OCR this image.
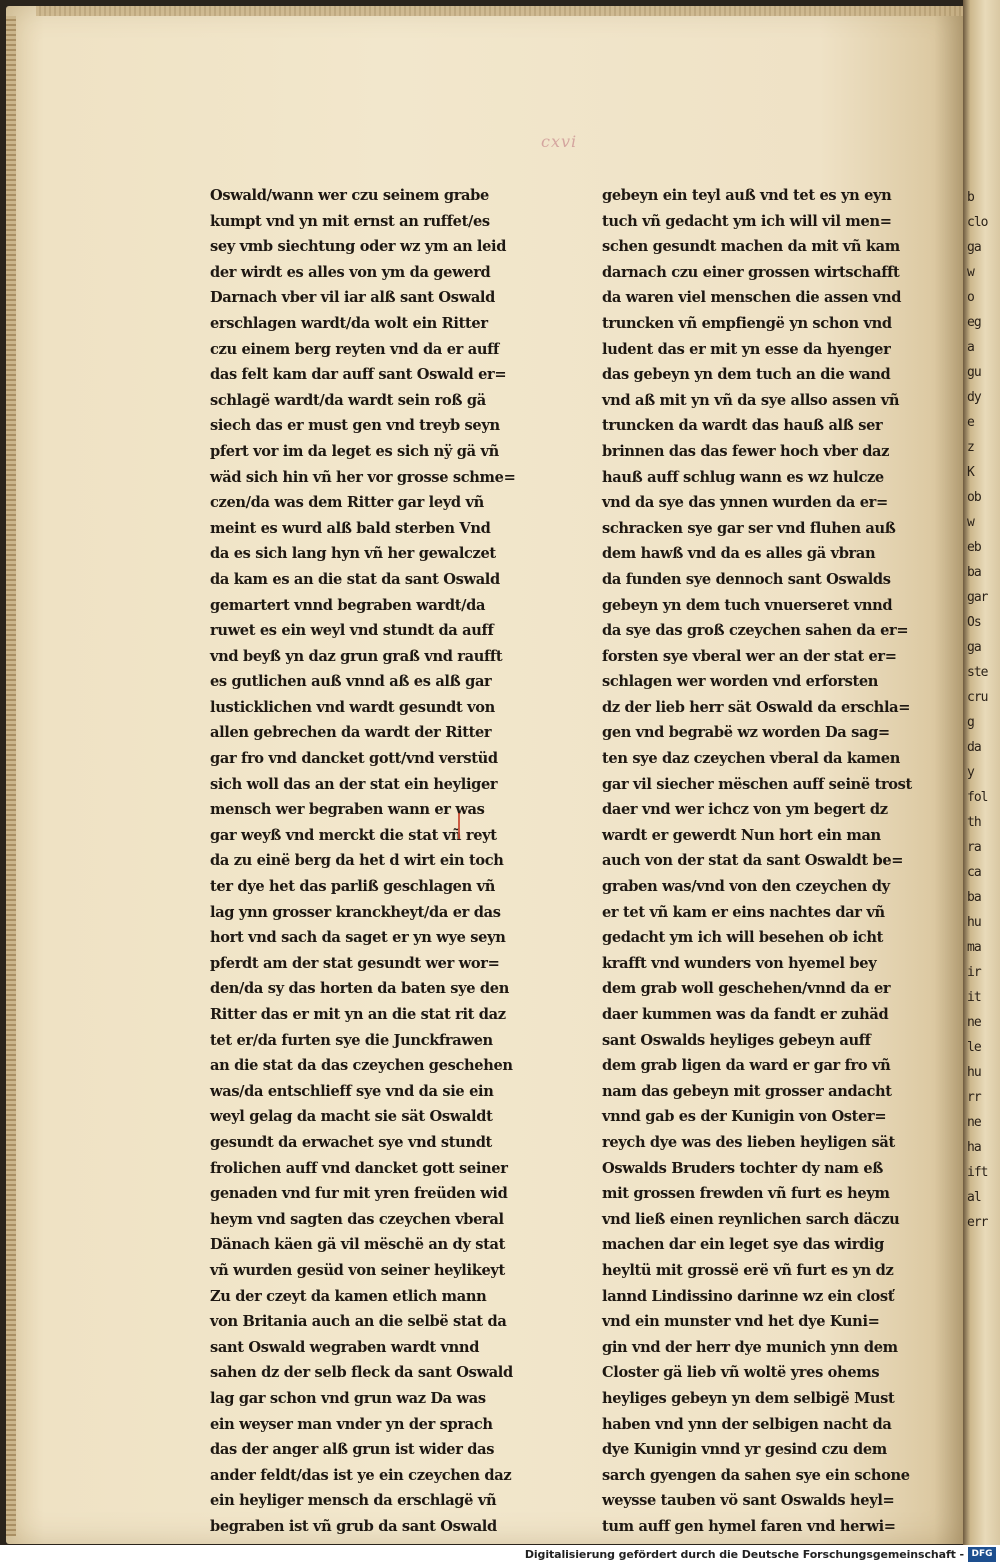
cxvi
Oswald/wann wer czu seinem grabe
kumpt vnd yn mit ernst an ruffet/es
sey vmb siechtung oder wz ym an leid
der wirdt es alles von ym da gewerd
Darnach vber vil iar alß sant Oswald
erschlagen wardt/da wolt ein Ritter
czu einem berg reyten vnd da er auff
das felt kam dar auff sant Oswald er=
schlagë wardt/da wardt sein roß gä
siech das er must gen vnd treyb seyn
pfert vor im da leget es sich nÿ gä vñ
wäd sich hin vñ her vor grosse schme=
czen/da was dem Ritter gar leyd vñ
meint es wurd alß bald sterben Vnd
da es sich lang hyn vñ her gewalczet
da kam es an die stat da sant Oswald
gemartert vnnd begraben wardt/da
ruwet es ein weyl vnd stundt da auff
vnd beyß yn daz grun graß vnd raufft
es gutlichen auß vnnd aß es alß gar
lusticklichen vnd wardt gesundt von
allen gebrechen da wardt der Ritter
gar fro vnd dancket gott/vnd verstüd
sich woll das an der stat ein heyliger
mensch wer begraben wann er was
gar weyß vnd merckt die stat vñ reyt
da zu einë berg da het d wirt ein toch
ter dye het das parliß geschlagen vñ
lag ynn grosser kranckheyt/da er das
hort vnd sach da saget er yn wye seyn
pferdt am der stat gesundt wer wor=
den/da sy das horten da baten sye den
Ritter das er mit yn an die stat rit daz
tet er/da furten sye die Junckfrawen
an die stat da das czeychen geschehen
was/da entschlieff sye vnd da sie ein
weyl gelag da macht sie sät Oswaldt
gesundt da erwachet sye vnd stundt
frolichen auff vnd dancket gott seiner
genaden vnd fur mit yren freüden wid
heym vnd sagten das czeychen vberal
Dänach käen gä vil mëschë an dy stat
vñ wurden gesüd von seiner heylikeyt
Zu der czeyt da kamen etlich mann
von Britania auch an die selbë stat da
sant Oswald wegraben wardt vnnd
sahen dz der selb fleck da sant Oswald
lag gar schon vnd grun waz Da was
ein weyser man vnder yn der sprach
das der anger alß grun ist wider das
ander feldt/das ist ye ein czeychen daz
ein heyliger mensch da erschlagë vñ
begraben ist vñ grub da sant Oswald
gebeyn ein teyl auß vnd tet es yn eyn
tuch vñ gedacht ym ich will vil men=
schen gesundt machen da mit vñ kam
darnach czu einer grossen wirtschafft
da waren viel menschen die assen vnd
truncken vñ empfiengë yn schon vnd
ludent das er mit yn esse da hyenger
das gebeyn yn dem tuch an die wand
vnd aß mit yn vñ da sye allso assen vñ
truncken da wardt das hauß alß ser
brinnen das das fewer hoch vber daz
hauß auff schlug wann es wz hulcze
vnd da sye das ynnen wurden da er=
schracken sye gar ser vnd fluhen auß
dem hawß vnd da es alles gä vbran
da funden sye dennoch sant Oswalds
gebeyn yn dem tuch vnuerseret vnnd
da sye das groß czeychen sahen da er=
forsten sye vberal wer an der stat er=
schlagen wer worden vnd erforsten
dz der lieb herr sät Oswald da erschla=
gen vnd begrabë wz worden Da sag=
ten sye daz czeychen vberal da kamen
gar vil siecher mëschen auff seinë trost
daer vnd wer ichcz von ym begert dz
wardt er gewerdt Nun hort ein man
auch von der stat da sant Oswaldt be=
graben was/vnd von den czeychen dy
er tet vñ kam er eins nachtes dar vñ
gedacht ym ich will besehen ob icht
krafft vnd wunders von hyemel bey
dem grab woll geschehen/vnnd da er
daer kummen was da fandt er zuhäd
sant Oswalds heyliges gebeyn auff
dem grab ligen da ward er gar fro vñ
nam das gebeyn mit grosser andacht
vnnd gab es der Kunigin von Oster=
reych dye was des lieben heyligen sät
Oswalds Bruders tochter dy nam eß
mit grossen frewden vñ furt es heym
vnd ließ einen reynlichen sarch däczu
machen dar ein leget sye das wirdig
heyltü mit grossë erë vñ furt es yn dz
lannd Lindissino darinne wz ein closť
vnd ein munster vnd het dye Kuni=
gin vnd der herr dye munich ynn dem
Closter gä lieb vñ woltë yres ohems
heyliges gebeyn yn dem selbigë Must
haben vnd ynn der selbigen nacht da
dye Kunigin vnnd yr gesind czu dem
sarch gyengen da sahen sye ein schone
weysse tauben vö sant Oswalds heyl=
tum auff gen hymel faren vnd herwi=
b
clo
ga
w
o
eg
a
gu
dy
e
z
K
ob
w
eb
ba
gar
Os
ga
ste
cru
g
da
y
fol
th
ra
ca
ba
hu
ma
ir
it
ne
le
hu
rr
ne
ha
ift
al
err
Digitalisierung gefördert durch die Deutsche Forschungsgemeinschaft - DFG
